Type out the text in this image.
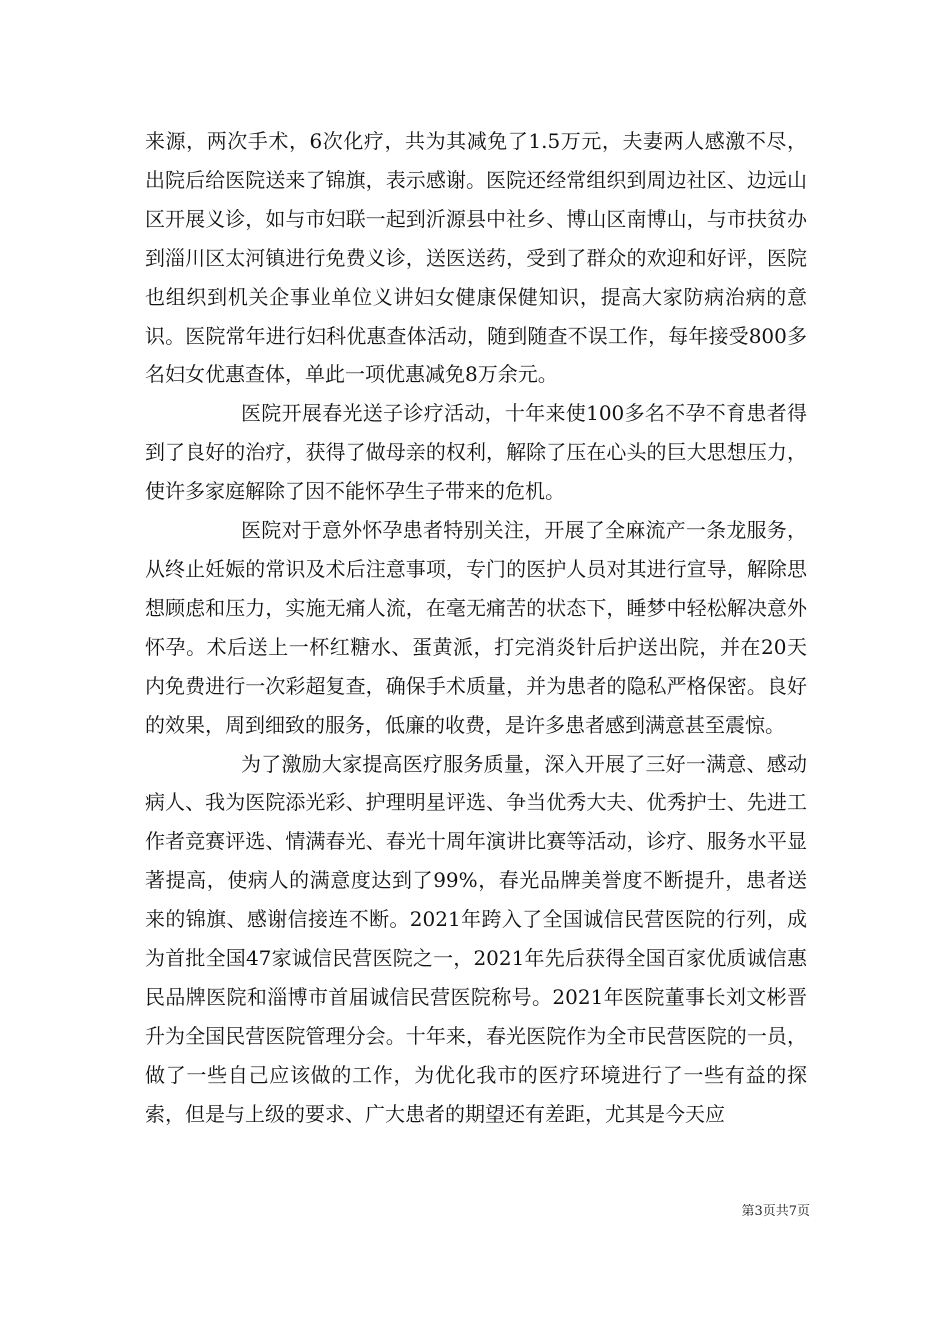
来源，两次手术，6次化疗，共为其减免了1.5万元，夫妻两人感激不尽，出院后给医院送来了锦旗，表示感谢。医院还经常组织到周边社区、边远山区开展义诊，如与市妇联一起到沂源县中社乡、博山区南博山，与市扶贫办到淄川区太河镇进行免费义诊，送医送药，受到了群众的欢迎和好评，医院也组织到机关企事业单位义讲妇女健康保健知识，提高大家防病治病的意识。医院常年进行妇科优惠查体活动，随到随查不误工作，每年接受800多名妇女优惠查体，单此一项优惠减免8万余元。

医院开展春光送子诊疗活动，十年来使100多名不孕不育患者得到了良好的治疗，获得了做母亲的权利，解除了压在心头的巨大思想压力，使许多家庭解除了因不能怀孕生子带来的危机。

医院对于意外怀孕患者特别关注，开展了全麻流产一条龙服务，从终止妊娠的常识及术后注意事项，专门的医护人员对其进行宣导，解除思想顾虑和压力，实施无痛人流，在毫无痛苦的状态下，睡梦中轻松解决意外怀孕。术后送上一杯红糖水、蛋黄派，打完消炎针后护送出院，并在20天内免费进行一次彩超复查，确保手术质量，并为患者的隐私严格保密。良好的效果，周到细致的服务，低廉的收费，是许多患者感到满意甚至震惊。

为了激励大家提高医疗服务质量，深入开展了三好一满意、感动病人、我为医院添光彩、护理明星评选、争当优秀大夫、优秀护士、先进工作者竞赛评选、情满春光、春光十周年演讲比赛等活动，诊疗、服务水平显著提高，使病人的满意度达到了99%，春光品牌美誉度不断提升，患者送来的锦旗、感谢信接连不断。2021年跨入了全国诚信民营医院的行列，成为首批全国47家诚信民营医院之一，2021年先后获得全国百家优质诚信惠民品牌医院和淄博市首届诚信民营医院称号。2021年医院董事长刘文彬晋升为全国民营医院管理分会。十年来，春光医院作为全市民营医院的一员，做了一些自己应该做的工作，为优化我市的医疗环境进行了一些有益的探索，但是与上级的要求、广大患者的期望还有差距，尤其是今天应

第3页共7页
